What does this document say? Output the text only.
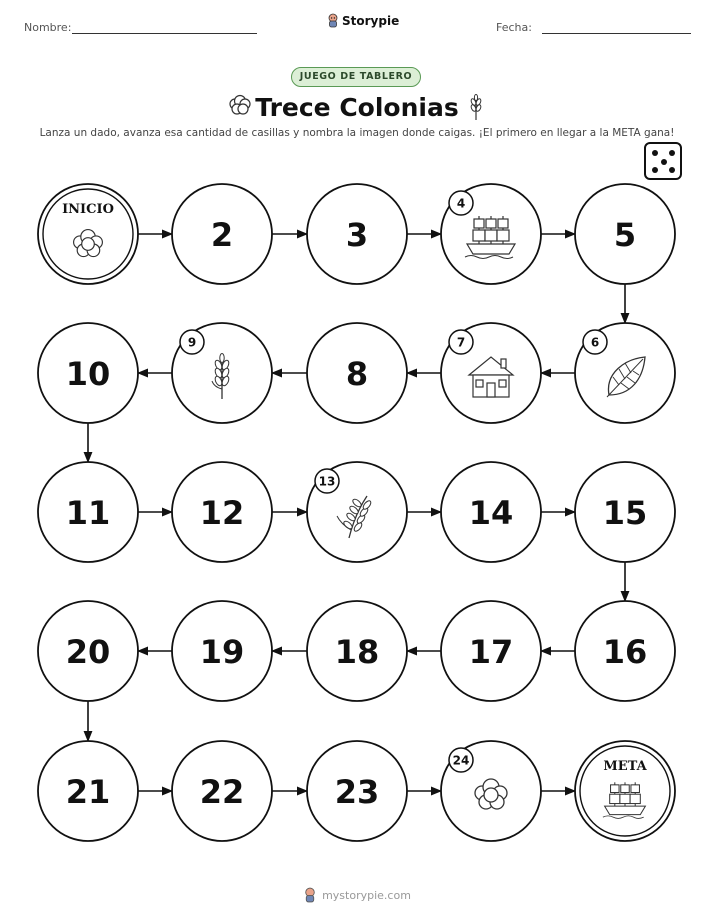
Nombre:	Storypie	Fecha:
JUEGO DE TABLERO
Trece Colonias
Lanza un dado, avanza esa cantidad de casillas y nombra la imagen donde caigas. ¡El primero en llegar a la META gana!
INICIO
2	3
4
5
6
7
8
9
10
11	12
13
14	15
16
17
18
19
20
21	22	23
24	META
mystorypie.com
